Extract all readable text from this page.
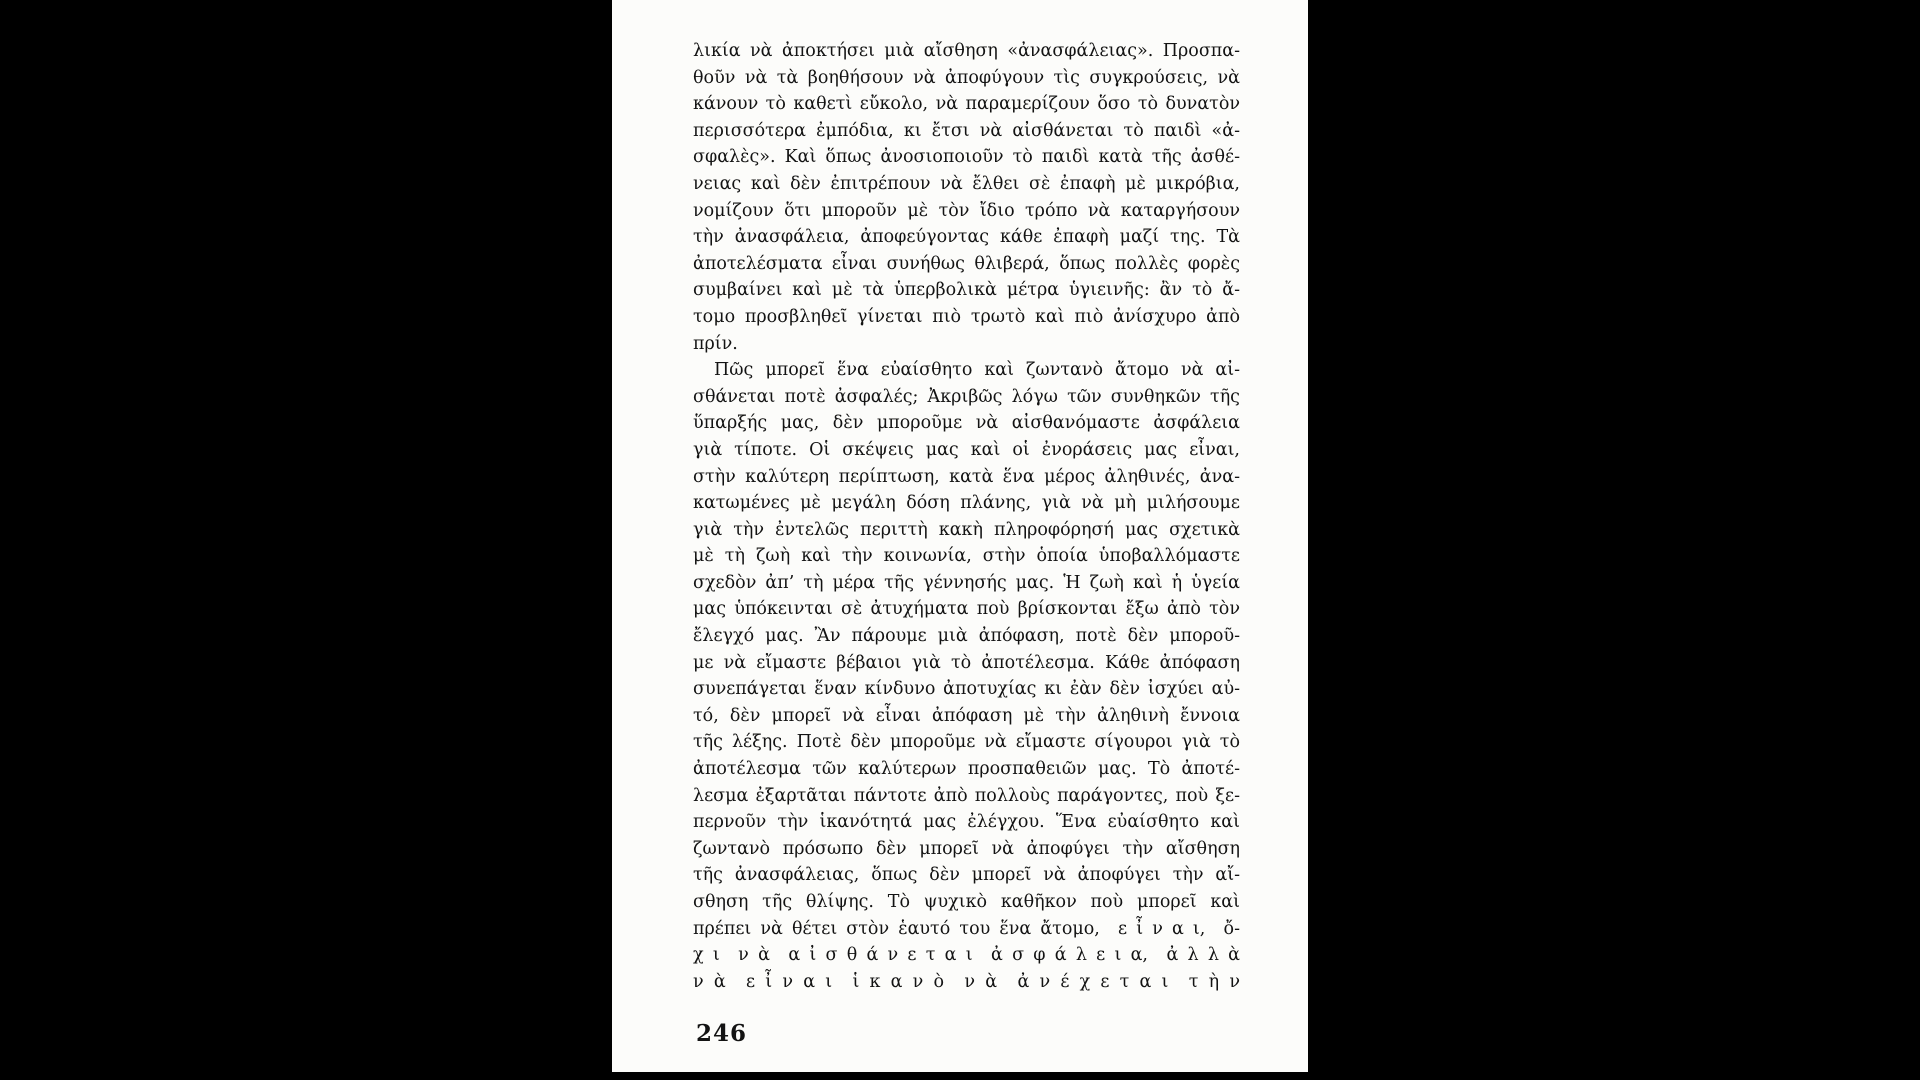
λικία νὰ ἀποκτήσει μιὰ αἴσθηση «ἀνασφάλειας». Προσπα-
θοῦν νὰ τὰ βοηθήσουν νὰ ἀποφύγουν τὶς συγκρούσεις, νὰ
κάνουν τὸ καθετὶ εὔκολο, νὰ παραμερίζουν ὅσο τὸ δυνατὸν
περισσότερα ἐμπόδια, κι ἔτσι νὰ αἰσθάνεται τὸ παιδὶ «ἀ-
σφαλὲς». Καὶ ὅπως ἀνοσιοποιοῦν τὸ παιδὶ κατὰ τῆς ἀσθέ-
νειας καὶ δὲν ἐπιτρέπουν νὰ ἔλθει σὲ ἐπαφὴ μὲ μικρόβια,
νομίζουν ὅτι μποροῦν μὲ τὸν ἴδιο τρόπο νὰ καταργήσουν
τὴν ἀνασφάλεια, ἀποφεύγοντας κάθε ἐπαφὴ μαζί της. Τὰ
ἀποτελέσματα εἶναι συνήθως θλιβερά, ὅπως πολλὲς φορὲς
συμβαίνει καὶ μὲ τὰ ὑπερβολικὰ μέτρα ὑγιεινῆς: ἂν τὸ ἄ-
τομο προσβληθεῖ γίνεται πιὸ τρωτὸ καὶ πιὸ ἀνίσχυρο ἀπὸ
πρίν.
Πῶς μπορεῖ ἕνα εὐαίσθητο καὶ ζωντανὸ ἄτομο νὰ αἰ-
σθάνεται ποτὲ ἀσφαλές; Ἀκριβῶς λόγω τῶν συνθηκῶν τῆς
ὕπαρξής μας, δὲν μποροῦμε νὰ αἰσθανόμαστε ἀσφάλεια
γιὰ τίποτε. Οἱ σκέψεις μας καὶ οἱ ἐνοράσεις μας εἶναι,
στὴν καλύτερη περίπτωση, κατὰ ἕνα μέρος ἀληθινές, ἀνα-
κατωμένες μὲ μεγάλη δόση πλάνης, γιὰ νὰ μὴ μιλήσουμε
γιὰ τὴν ἐντελῶς περιττὴ κακὴ πληροφόρησή μας σχετικὰ
μὲ τὴ ζωὴ καὶ τὴν κοινωνία, στὴν ὁποία ὑποβαλλόμαστε
σχεδὸν ἀπ’ τὴ μέρα τῆς γέννησής μας. Ἡ ζωὴ καὶ ἡ ὑγεία
μας ὑπόκεινται σὲ ἀτυχήματα ποὺ βρίσκονται ἔξω ἀπὸ τὸν
ἔλεγχό μας. Ἂν πάρουμε μιὰ ἀπόφαση, ποτὲ δὲν μποροῦ-
με νὰ εἴμαστε βέβαιοι γιὰ τὸ ἀποτέλεσμα. Κάθε ἀπόφαση
συνεπάγεται ἕναν κίνδυνο ἀποτυχίας κι ἐὰν δὲν ἰσχύει αὐ-
τό, δὲν μπορεῖ νὰ εἶναι ἀπόφαση μὲ τὴν ἀληθινὴ ἔννοια
τῆς λέξης. Ποτὲ δὲν μποροῦμε νὰ εἴμαστε σίγουροι γιὰ τὸ
ἀποτέλεσμα τῶν καλύτερων προσπαθειῶν μας. Τὸ ἀποτέ-
λεσμα ἐξαρτᾶται πάντοτε ἀπὸ πολλοὺς παράγοντες, ποὺ ξε-
περνοῦν τὴν ἱκανότητά μας ἐλέγχου. Ἕνα εὐαίσθητο καὶ
ζωντανὸ πρόσωπο δὲν μπορεῖ νὰ ἀποφύγει τὴν αἴσθηση
τῆς ἀνασφάλειας, ὅπως δὲν μπορεῖ νὰ ἀποφύγει τὴν αἴ-
σθηση τῆς θλίψης. Τὸ ψυχικὸ καθῆκον ποὺ μπορεῖ καὶ
πρέπει νὰ θέτει στὸν ἑαυτό του ἕνα ἄτομο,  ε ἶ ν α ι,  ὄ-
χ ι  ν ὰ  α ἰ σ θ ά ν ε τ α ι  ἀ σ φ ά λ ε ι α,  ἀ λ λ ὰ
ν ὰ  ε ἶ ν α ι  ἱ κ α ν ὸ  ν ὰ  ἀ ν έ χ ε τ α ι  τ ὴ ν
246
